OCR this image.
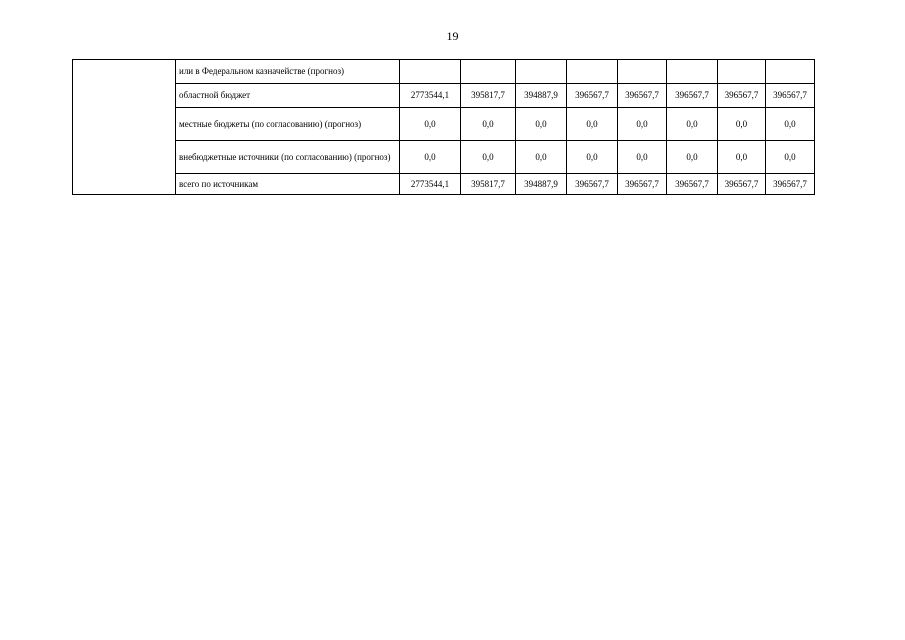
19
	или в Федеральном казначействе (прогноз)								
	областной бюджет	2773544,1	395817,7	394887,9	396567,7	396567,7	396567,7	396567,7	396567,7
	местные бюджеты (по согласованию) (прогноз)	0,0	0,0	0,0	0,0	0,0	0,0	0,0	0,0
	внебюджетные источники (по согласованию) (прогноз)	0,0	0,0	0,0	0,0	0,0	0,0	0,0	0,0
	всего по источникам	2773544,1	395817,7	394887,9	396567,7	396567,7	396567,7	396567,7	396567,7
